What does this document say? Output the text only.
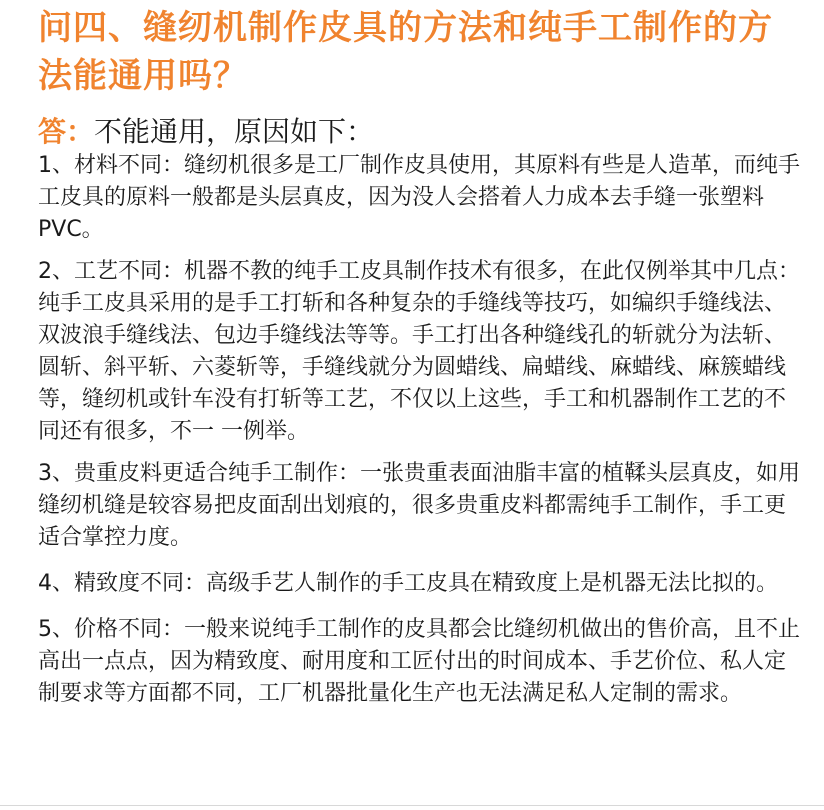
问四、缝纫机制作皮具的方法和纯手工制作的方法能通用吗？
答：不能通用，原因如下：

1、材料不同：缝纫机很多是工厂制作皮具使用，其原料有些是人造革，而纯手工皮具的原料一般都是头层真皮，因为没人会搭着人力成本去手缝一张塑料PVC。

2、工艺不同：机器不教的纯手工皮具制作技术有很多，在此仅例举其中几点：纯手工皮具采用的是手工打斩和各种复杂的手缝线等技巧，如编织手缝线法、双波浪手缝线法、包边手缝线法等等。手工打出各种缝线孔的斩就分为法斩、圆斩、斜平斩、六菱斩等，手缝线就分为圆蜡线、扁蜡线、麻蜡线、麻簇蜡线等，缝纫机或针车没有打斩等工艺，不仅以上这些，手工和机器制作工艺的不同还有很多，不一 一例举。

3、贵重皮料更适合纯手工制作：一张贵重表面油脂丰富的植鞣头层真皮，如用缝纫机缝是较容易把皮面刮出划痕的，很多贵重皮料都需纯手工制作，手工更适合掌控力度。

4、精致度不同：高级手艺人制作的手工皮具在精致度上是机器无法比拟的。

5、价格不同：一般来说纯手工制作的皮具都会比缝纫机做出的售价高，且不止高出一点点，因为精致度、耐用度和工匠付出的时间成本、手艺价位、私人定制要求等方面都不同，工厂机器批量化生产也无法满足私人定制的需求。
